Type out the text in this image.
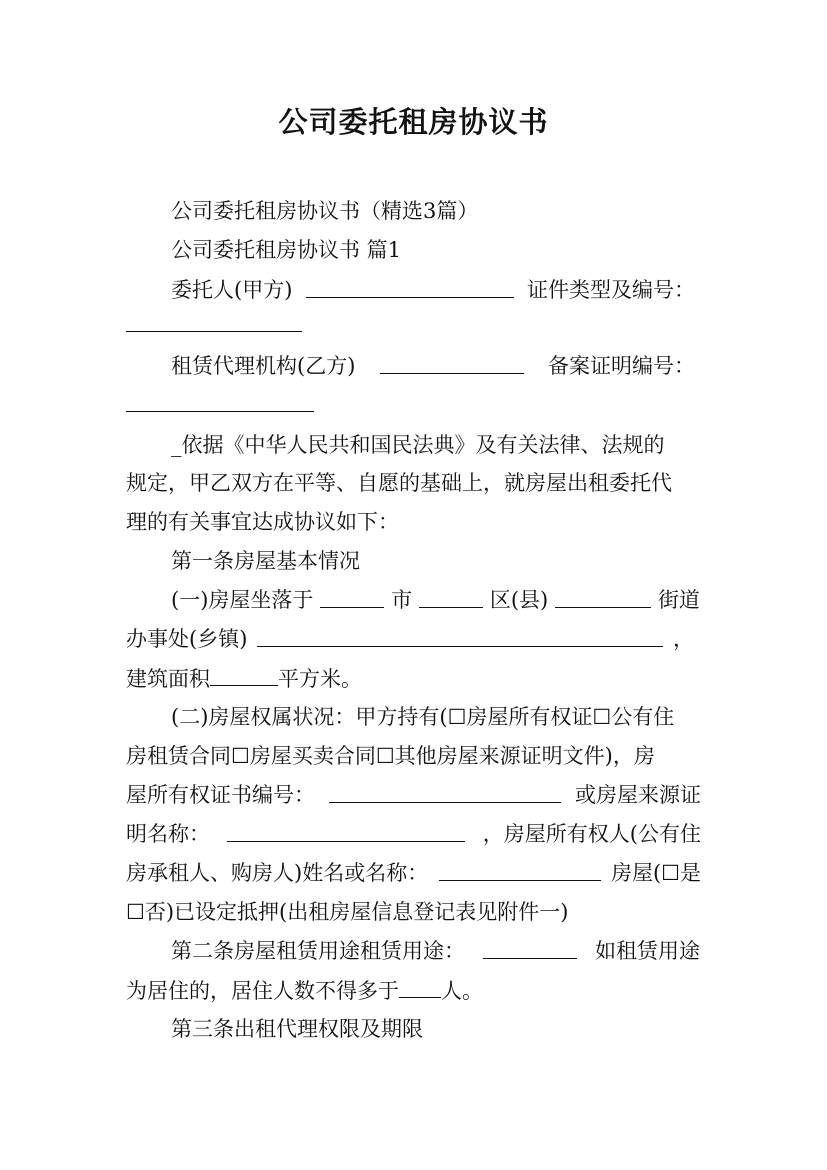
公司委托租房协议书
公司委托租房协议书（精选3篇）
公司委托租房协议书 篇1
委托人(甲方)	证件类型及编号：
租赁代理机构(乙方)	备案证明编号：
_依据《中华人民共和国民法典》及有关法律、法规的
规定，甲乙双方在平等、自愿的基础上，就房屋出租委托代
理的有关事宜达成协议如下：
第一条房屋基本情况
(一)房屋坐落于	市	区(县)	街道
办事处(乡镇)	，
建筑面积	平方米。
(二)房屋权属状况：甲方持有(☐房屋所有权证☐公有住
房租赁合同☐房屋买卖合同☐其他房屋来源证明文件)，房
屋所有权证书编号：	或房屋来源证
明名称：	，房屋所有权人(公有住
房承租人、购房人)姓名或名称：	房屋(☐是
☐否)已设定抵押(出租房屋信息登记表见附件一)
第二条房屋租赁用途租赁用途：	如租赁用途
为居住的，居住人数不得多于 人。
第三条出租代理权限及期限
